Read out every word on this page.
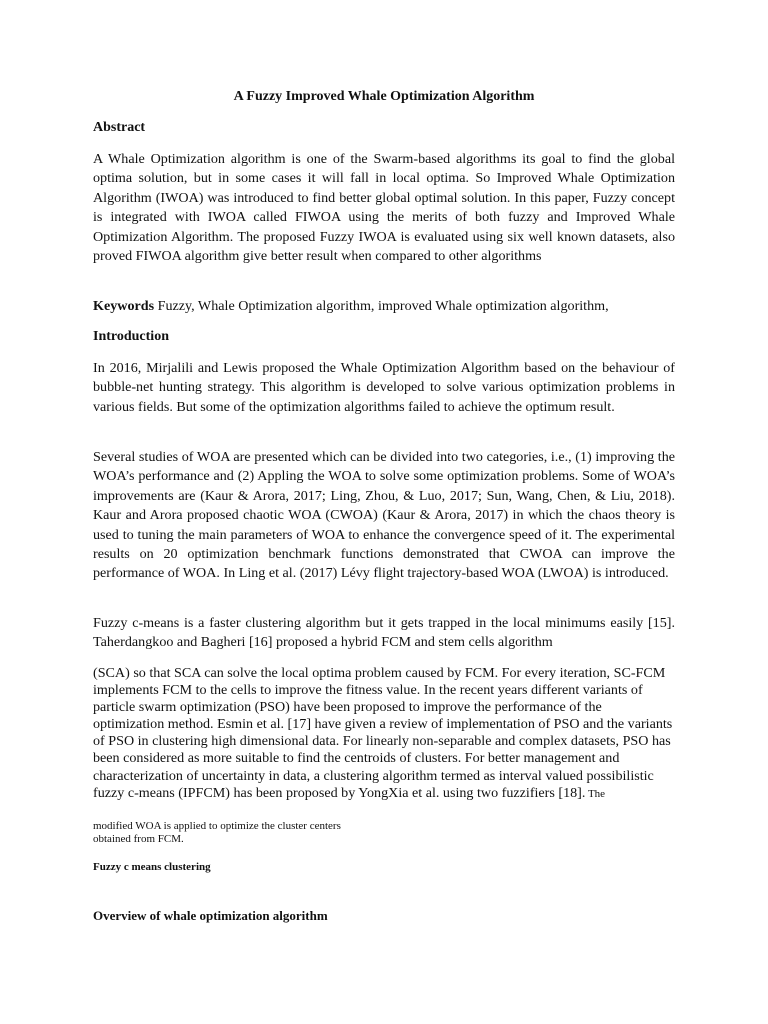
A Fuzzy Improved Whale Optimization Algorithm
Abstract
A Whale Optimization algorithm is one of the Swarm-based algorithms its goal to find the global optima solution, but in some cases it will fall in local optima. So Improved Whale Optimization Algorithm (IWOA) was introduced to find better global optimal solution. In this paper, Fuzzy concept is integrated with IWOA called FIWOA using the merits of both fuzzy and Improved Whale Optimization Algorithm. The proposed Fuzzy IWOA is evaluated using six well known datasets, also proved FIWOA algorithm give better result when compared to other algorithms
Keywords Fuzzy, Whale Optimization algorithm, improved Whale optimization algorithm,
Introduction
In 2016, Mirjalili and Lewis proposed the Whale Optimization Algorithm based on the behaviour of bubble-net hunting strategy. This algorithm is developed to solve various optimization problems in various fields. But some of the optimization algorithms failed to achieve the optimum result.
Several studies of WOA are presented which can be divided into two categories, i.e., (1) improving the WOA’s performance and (2) Appling the WOA to solve some optimization problems. Some of WOA’s improvements are (Kaur & Arora, 2017; Ling, Zhou, & Luo, 2017; Sun, Wang, Chen, & Liu, 2018). Kaur and Arora proposed chaotic WOA (CWOA) (Kaur & Arora, 2017) in which the chaos theory is used to tuning the main parameters of WOA to enhance the convergence speed of it. The experimental results on 20 optimization benchmark functions demonstrated that CWOA can improve the performance of WOA. In Ling et al. (2017) Lévy flight trajectory-based WOA (LWOA) is introduced.
Fuzzy c-means is a faster clustering algorithm but it gets trapped in the local minimums easily [15]. Taherdangkoo and Bagheri [16] proposed a hybrid FCM and stem cells algorithm
(SCA) so that SCA can solve the local optima problem caused by FCM. For every iteration, SC-FCM implements FCM to the cells to improve the fitness value. In the recent years different variants of particle swarm optimization (PSO) have been proposed to improve the performance of the optimization method. Esmin et al. [17] have given a review of implementation of PSO and the variants of PSO in clustering high dimensional data. For linearly non-separable and complex datasets, PSO has been considered as more suitable to find the centroids of clusters. For better management and characterization of uncertainty in data, a clustering algorithm termed as interval valued possibilistic fuzzy c-means (IPFCM) has been proposed by YongXia et al. using two fuzzifiers [18]. The
modified WOA is applied to optimize the cluster centers
obtained from FCM.
Fuzzy c means clustering
Overview of whale optimization algorithm
